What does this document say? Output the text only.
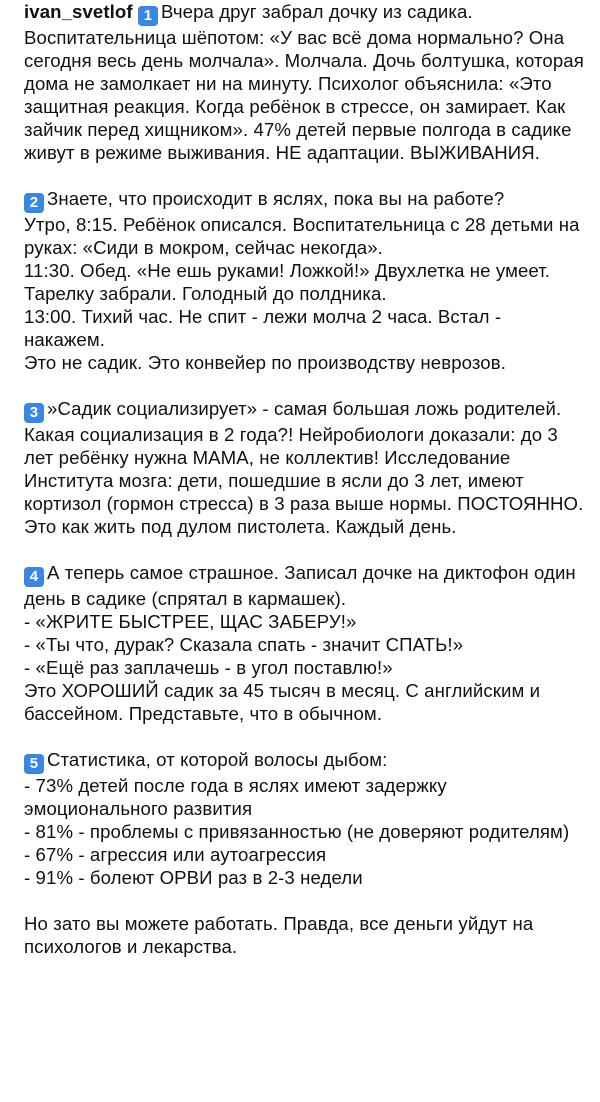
ivan_svetlof 1 Вчера друг забрал дочку из садика. Воспитательница шёпотом: «У вас всё дома нормально? Она сегодня весь день молчала». Молчала. Дочь болтушка, которая дома не замолкает ни на минуту. Психолог объяснила: «Это защитная реакция. Когда ребёнок в стрессе, он замирает. Как зайчик перед хищником». 47% детей первые полгода в садике живут в режиме выживания. НЕ адаптации. ВЫЖИВАНИЯ.

2 Знаете, что происходит в яслях, пока вы на работе?
Утро, 8:15. Ребёнок описался. Воспитательница с 28 детьми на руках: «Сиди в мокром, сейчас некогда».
11:30. Обед. «Не ешь руками! Ложкой!» Двухлетка не умеет. Тарелку забрали. Голодный до полдника.
13:00. Тихий час. Не спит - лежи молча 2 часа. Встал - накажем.
Это не садик. Это конвейер по производству неврозов.

3 »Садик социализирует» - самая большая ложь родителей. Какая социализация в 2 года?! Нейробиологи доказали: до 3 лет ребёнку нужна МАМА, не коллектив! Исследование Института мозга: дети, пошедшие в ясли до 3 лет, имеют кортизол (гормон стресса) в 3 раза выше нормы. ПОСТОЯННО. Это как жить под дулом пистолета. Каждый день.

4 А теперь самое страшное. Записал дочке на диктофон один день в садике (спрятал в кармашек).
- «ЖРИТЕ БЫСТРЕЕ, ЩАС ЗАБЕРУ!»
- «Ты что, дурак? Сказала спать - значит СПАТЬ!»
- «Ещё раз заплачешь - в угол поставлю!»
Это ХОРОШИЙ садик за 45 тысяч в месяц. С английским и бассейном. Представьте, что в обычном.

5 Статистика, от которой волосы дыбом:
- 73% детей после года в яслях имеют задержку эмоционального развития
- 81% - проблемы с привязанностью (не доверяют родителям)
- 67% - агрессия или аутоагрессия
- 91% - болеют ОРВИ раз в 2-3 недели

Но зато вы можете работать. Правда, все деньги уйдут на психологов и лекарства.
